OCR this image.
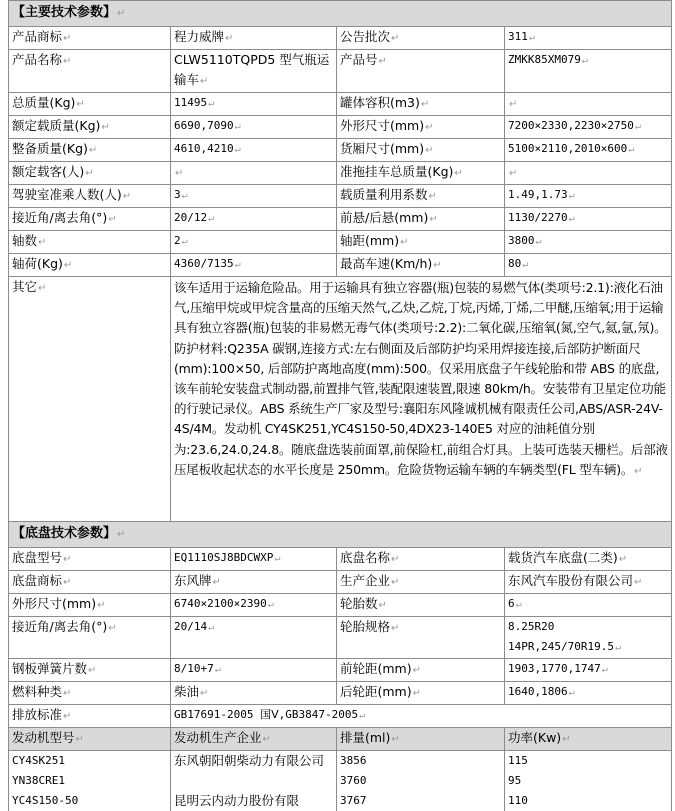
【主要技术参数】↵			
产品商标↵	程力威牌↵	公告批次↵	311↵
产品名称↵	CLW5110TQPD5 型气瓶运输车↵	产品号↵	ZMKK85XM079↵
总质量(Kg)↵	11495↵	罐体容积(m3)↵	↵
额定载质量(Kg)↵	6690,7090↵	外形尺寸(mm)↵	7200×2330,2230×2750↵
整备质量(Kg)↵	4610,4210↵	货厢尺寸(mm)↵	5100×2110,2010×600↵
额定载客(人)↵	↵	准拖挂车总质量(Kg)↵	↵
驾驶室准乘人数(人)↵	3↵	载质量利用系数↵	1.49,1.73↵
接近角/离去角(°)↵	20/12↵	前悬/后悬(mm)↵	1130/2270↵
轴数↵	2↵	轴距(mm)↵	3800↵
轴荷(Kg)↵	4360/7135↵	最高车速(Km/h)↵	80↵
其它↵	该车适用于运输危险品。用于运输具有独立容器(瓶)包装的易燃气体(类项号:2.1):液化石油气,压缩甲烷或甲烷含量高的压缩天然气,乙炔,乙烷,丁烷,丙烯,丁烯,二甲醚,压缩氧;用于运输具有独立容器(瓶)包装的非易燃无毒气体(类项号:2.2):二氧化碳,压缩氧(氮,空气,氦,氩,氖)。防护材料:Q235A 碳钢,连接方式:左右侧面及后部防护均采用焊接连接,后部防护断面尺(mm):100×50, 后部防护离地高度(mm):500。仅采用底盘子午线轮胎和带 ABS 的底盘,该车前轮安装盘式制动器,前置排气管,装配限速装置,限速 80km/h。安装带有卫星定位功能的行驶记录仪。ABS 系统生产厂家及型号:襄阳东风隆诚机械有限责任公司,ABS/ASR-24V-4S/4M。发动机 CY4SK251,YC4S150-50,4DX23-140E5 对应的油耗值分别为:23.6,24.0,24.8。随底盘选装前面罩,前保险杠,前组合灯具。上装可选装天栅栏。后部液压尾板收起状态的水平长度是 250mm。危险货物运输车辆的车辆类型(FL 型车辆)。↵		
【底盘技术参数】↵			
底盘型号↵	EQ1110SJ8BDCWXP↵	底盘名称↵	载货汽车底盘(二类)↵
底盘商标↵	东风牌↵	生产企业↵	东风汽车股份有限公司↵
外形尺寸(mm)↵	6740×2100×2390↵	轮胎数↵	6↵
接近角/离去角(°)↵	20/14↵	轮胎规格↵	8.25R20 14PR,245/70R19.5↵
钢板弹簧片数↵	8/10+7↵	前轮距(mm)↵	1903,1770,1747↵
燃料种类↵	柴油↵	后轮距(mm)↵	1640,1806↵
排放标准↵	GB17691-2005 国Ⅴ,GB3847-2005↵		
发动机型号↵	发动机生产企业↵	排量(ml)↵	功率(Kw)↵
CY4SK251	东风朝阳朝柴动力有限公司	3856	115
YN38CRE1		3760	95
YC4S150-50	昆明云内动力股份有限	3767	110
